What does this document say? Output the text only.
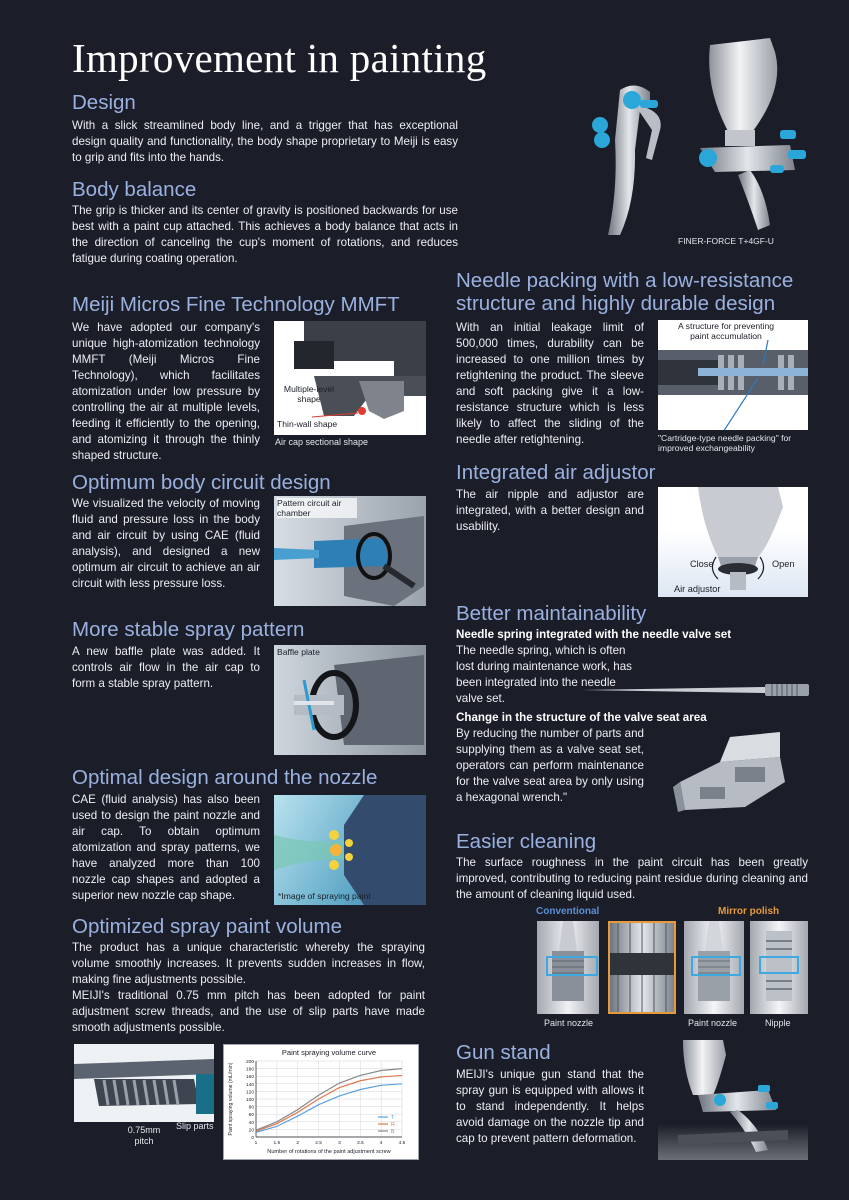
Improvement in painting
Design

With a slick streamlined body line, and a trigger that has exceptional design quality and functionality, the body shape proprietary to Meiji is easy to grip and fits into the hands.

Body balance

The grip is thicker and its center of gravity is positioned backwards for use best with a paint cup attached. This achieves a body balance that acts in the direction of canceling the cup's moment of rotations, and reduces fatigue during coating operation.

FINER-FORCE T+4GF-U
Meiji Micros Fine Technology MMFT

We have adopted our company's unique high-atomization technology MMFT (Meiji Micros Fine Technology), which facilitates atomization under low pressure by controlling the air at multiple levels, feeding it efficiently to the opening, and atomizing it through the thinly shaped structure.

Multiple-level shape
Thin-wall shape
Air cap sectional shape
Optimum body circuit design

We visualized the velocity of moving fluid and pressure loss in the body and air circuit by using CAE (fluid analysis), and designed a new optimum air circuit to achieve an air circuit with less pressure loss.

Pattern circuit air chamber
More stable spray pattern

A new baffle plate was added. It controls air flow in the air cap to form a stable spray pattern.

Baffle plate
Optimal design around the nozzle

CAE (fluid analysis) has also been used to design the paint nozzle and air cap. To obtain optimum atomization and spray patterns, we have analyzed more than 100 nozzle cap shapes and adopted a superior new nozzle cap shape.	*Image of spraying paint
Optimized spray paint volume

The product has a unique characteristic whereby the spraying volume smoothly increases. It prevents sudden increases in flow, making fine adjustments possible.

MEIJI's traditional 0.75 mm pitch has been adopted for paint adjustment screw threads, and the use of slip parts have made smooth adjustments possible.

0.75mm pitch
Slip parts
Paint spraying volume curve
0
20
40
60
80
100
120
140
160
180
200
1	1.5	2	2.5	3	3.5	4	4.5
Number of rotations of the paint adjustment screw
Paint spraying volume (mL/min)	T
R
B
Needle packing with a low-resistance
structure and highly durable design

With an initial leakage limit of 500,000 times, durability can be increased to one million times by retightening the product. The sleeve and soft packing give it a low-resistance structure which is less likely to affect the sliding of the needle after retightening.

A structure for preventing paint accumulation
"Cartridge-type needle packing" for improved exchangeability
Integrated air adjustor

The air nipple and adjustor are integrated, with a better design and usability.

Close	Open
Air adjustor
Better maintainability

Needle spring integrated with the needle valve set

The needle spring, which is often lost during maintenance work, has been integrated into the needle valve set.

Change in the structure of the valve seat area

By reducing the number of parts and supplying them as a valve seat set, operators can perform maintenance for the valve seat area by only using a hexagonal wrench."

Easier cleaning

The surface roughness in the paint circuit has been greatly improved, contributing to reducing paint residue during cleaning and the amount of cleaning liquid used.

Conventional	Mirror polish
Paint nozzle	Paint nozzle	Nipple
Gun stand

MEIJI's unique gun stand that the spray gun is equipped with allows it to stand independently. It helps avoid damage on the nozzle tip and cap to prevent pattern deformation.
